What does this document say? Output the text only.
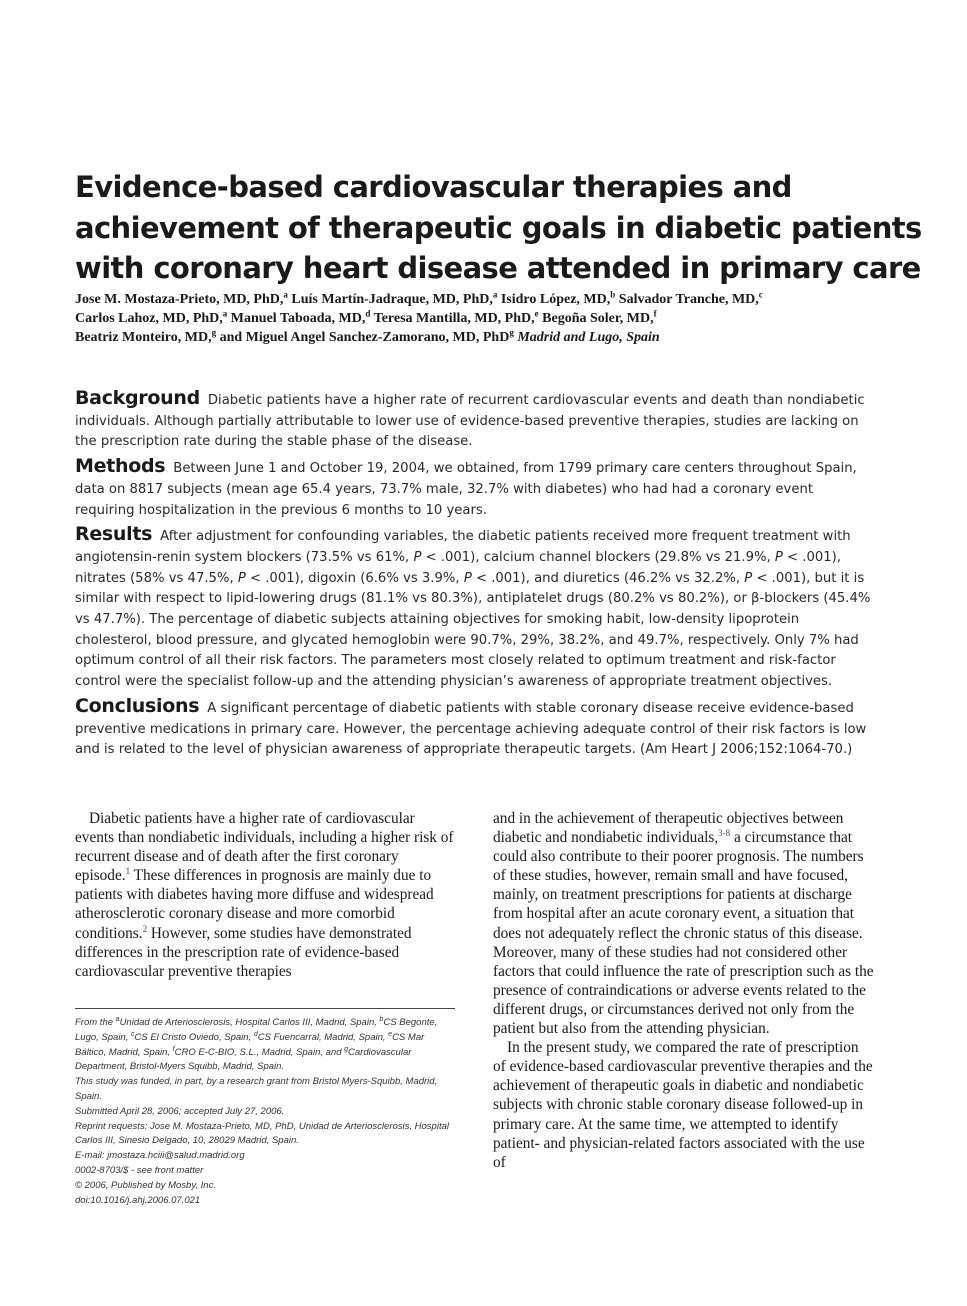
Evidence-based cardiovascular therapies and
achievement of therapeutic goals in diabetic patients
with coronary heart disease attended in primary care
Jose M. Mostaza-Prieto, MD, PhD,$^a$ Luís Martín-Jadraque, MD, PhD,$^a$ Isidro López, MD,$^b$ Salvador Tranche, MD,$^c$
Carlos Lahoz, MD, PhD,$^a$ Manuel Taboada, MD,$^d$ Teresa Mantilla, MD, PhD,$^e$ Begoña Soler, MD,$^f$
Beatriz Monteiro, MD,$^g$ and Miguel Angel Sanchez-Zamorano, MD, PhD$^g$ Madrid and Lugo, Spain

Background Diabetic patients have a higher rate of recurrent cardiovascular events and death than nondiabetic individuals. Although partially attributable to lower use of evidence-based preventive therapies, studies are lacking on the prescription rate during the stable phase of the disease.

Methods Between June 1 and October 19, 2004, we obtained, from 1799 primary care centers throughout Spain, data on 8817 subjects (mean age 65.4 years, 73.7% male, 32.7% with diabetes) who had had a coronary event requiring hospitalization in the previous 6 months to 10 years.

Results After adjustment for confounding variables, the diabetic patients received more frequent treatment with angiotensin-renin system blockers (73.5% vs 61%, P < .001), calcium channel blockers (29.8% vs 21.9%, P < .001), nitrates (58% vs 47.5%, P < .001), digoxin (6.6% vs 3.9%, P < .001), and diuretics (46.2% vs 32.2%, P < .001), but it is similar with respect to lipid-lowering drugs (81.1% vs 80.3%), antiplatelet drugs (80.2% vs 80.2%), or β-blockers (45.4% vs 47.7%). The percentage of diabetic subjects attaining objectives for smoking habit, low-density lipoprotein cholesterol, blood pressure, and glycated hemoglobin were 90.7%, 29%, 38.2%, and 49.7%, respectively. Only 7% had optimum control of all their risk factors. The parameters most closely related to optimum treatment and risk-factor control were the specialist follow-up and the attending physician’s awareness of appropriate treatment objectives.

Conclusions A significant percentage of diabetic patients with stable coronary disease receive evidence-based preventive medications in primary care. However, the percentage achieving adequate control of their risk factors is low and is related to the level of physician awareness of appropriate therapeutic targets. (Am Heart J 2006;152:1064-70.)

Diabetic patients have a higher rate of cardiovascular events than nondiabetic individuals, including a higher risk of recurrent disease and of death after the first coronary episode.$^1$ These differences in prognosis are mainly due to patients with diabetes having more diffuse and widespread atherosclerotic coronary disease and more comorbid conditions.$^2$ However, some studies have demonstrated differences in the prescription rate of evidence-based cardiovascular preventive therapies

and in the achievement of therapeutic objectives between diabetic and nondiabetic individuals,$^{3-8}$ a circumstance that could also contribute to their poorer prognosis. The numbers of these studies, however, remain small and have focused, mainly, on treatment prescriptions for patients at discharge from hospital after an acute coronary event, a situation that does not adequately reflect the chronic status of this disease. Moreover, many of these studies had not considered other factors that could influence the rate of prescription such as the presence of contraindications or adverse events related to the different drugs, or circumstances derived not only from the patient but also from the attending physician.

In the present study, we compared the rate of prescription of evidence-based cardiovascular preventive therapies and the achievement of therapeutic goals in diabetic and nondiabetic subjects with chronic stable coronary disease followed-up in primary care. At the same time, we attempted to identify patient- and physician-related factors associated with the use of

From the $^a$Unidad de Arteriosclerosis, Hospital Carlos III, Madrid, Spain, $^b$CS Begonte, Lugo, Spain, $^c$CS El Cristo Oviedo, Spain, $^d$CS Fuencarral, Madrid, Spain, $^e$CS Mar Báltico, Madrid, Spain, $^f$CRO E-C-BIO, S.L., Madrid, Spain, and $^g$Cardiovascular Department, Bristol-Myers Squibb, Madrid, Spain.
This study was funded, in part, by a research grant from Bristol Myers-Squibb, Madrid, Spain.
Submitted April 28, 2006; accepted July 27, 2006.
Reprint requests: Jose M. Mostaza-Prieto, MD, PhD, Unidad de Arteriosclerosis, Hospital Carlos III, Sinesio Delgado, 10, 28029 Madrid, Spain.
E-mail: jmostaza.hciii@salud.madrid.org
0002-8703/$ - see front matter
© 2006, Published by Mosby, Inc.
doi:10.1016/j.ahj.2006.07.021
